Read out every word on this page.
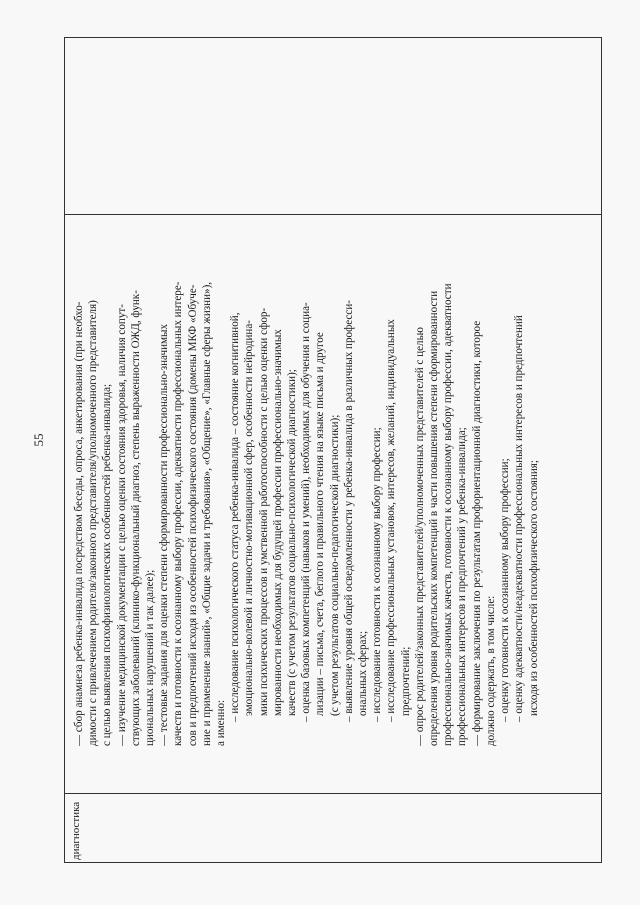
55
диагностика
— сбор анамнеза ребенка-инвалида посредством беседы, опроса, анкетирования (при необхо- димости с привлечением родителя/законного представителя/уполномоченного представителя) с целью выявления психофизиологических особенностей ребенка-инвалида; — изучение медицинской документации с целью оценки состояния здоровья, наличия сопут- ствующих заболеваний (клинико-функциональный диагноз, степень выраженности ОЖД, функ- циональных нарушений и так далее); — тестовые задания для оценки степени сформированности профессионально-значимых качеств и готовности к осознанному выбору профессии, адекватности профессиональных интере- сов и предпочтений исходя из особенностей психофизического состояния (домены МКФ «Обуче- ние и применение знаний», «Общие задачи и требования», «Общение», «Главные сферы жизни»), а именно:
– исследование психологического статуса ребенка-инвалида – состояние когнитивной, эмоционально-волевой и личностно-мотивационной сфер, особенности нейродина- мики психических процессов и умственной работоспособности с целью оценки сфор- мированности необходимых для будущей профессии профессионально-значимых качеств (с учетом результатов социально-психологической диагностики); – оценка базовых компетенций (навыков и умений), необходимых для обучения и социа- лизации – письма, счета, беглого и правильного чтения на языке письма и другое (с учетом результатов социально-педагогической диагностики); – выявление уровня общей осведомленности у ребенка-инвалида в различных професси- ональных сферах; – исследование готовности к осознанному выбору профессии; – исследование профессиональных установок, интересов, желаний, индивидуальных предпочтений; — опрос родителей/законных представителей/уполномоченных представителей с целью определения уровня родительских компетенций в части повышения степени сформированности профессионально-значимых качеств, готовности к осознанному выбору профессии, адекватности профессиональных интересов и предпочтений у ребенка-инвалида; — формирование заключения по результатам профориентационной диагностики, которое должно содержать, в том числе: – оценку готовности к осознанному выбору профессии; – оценку адекватности/неадекватности профессиональных интересов и предпочтений исходя из особенностей психофизического состояния;
